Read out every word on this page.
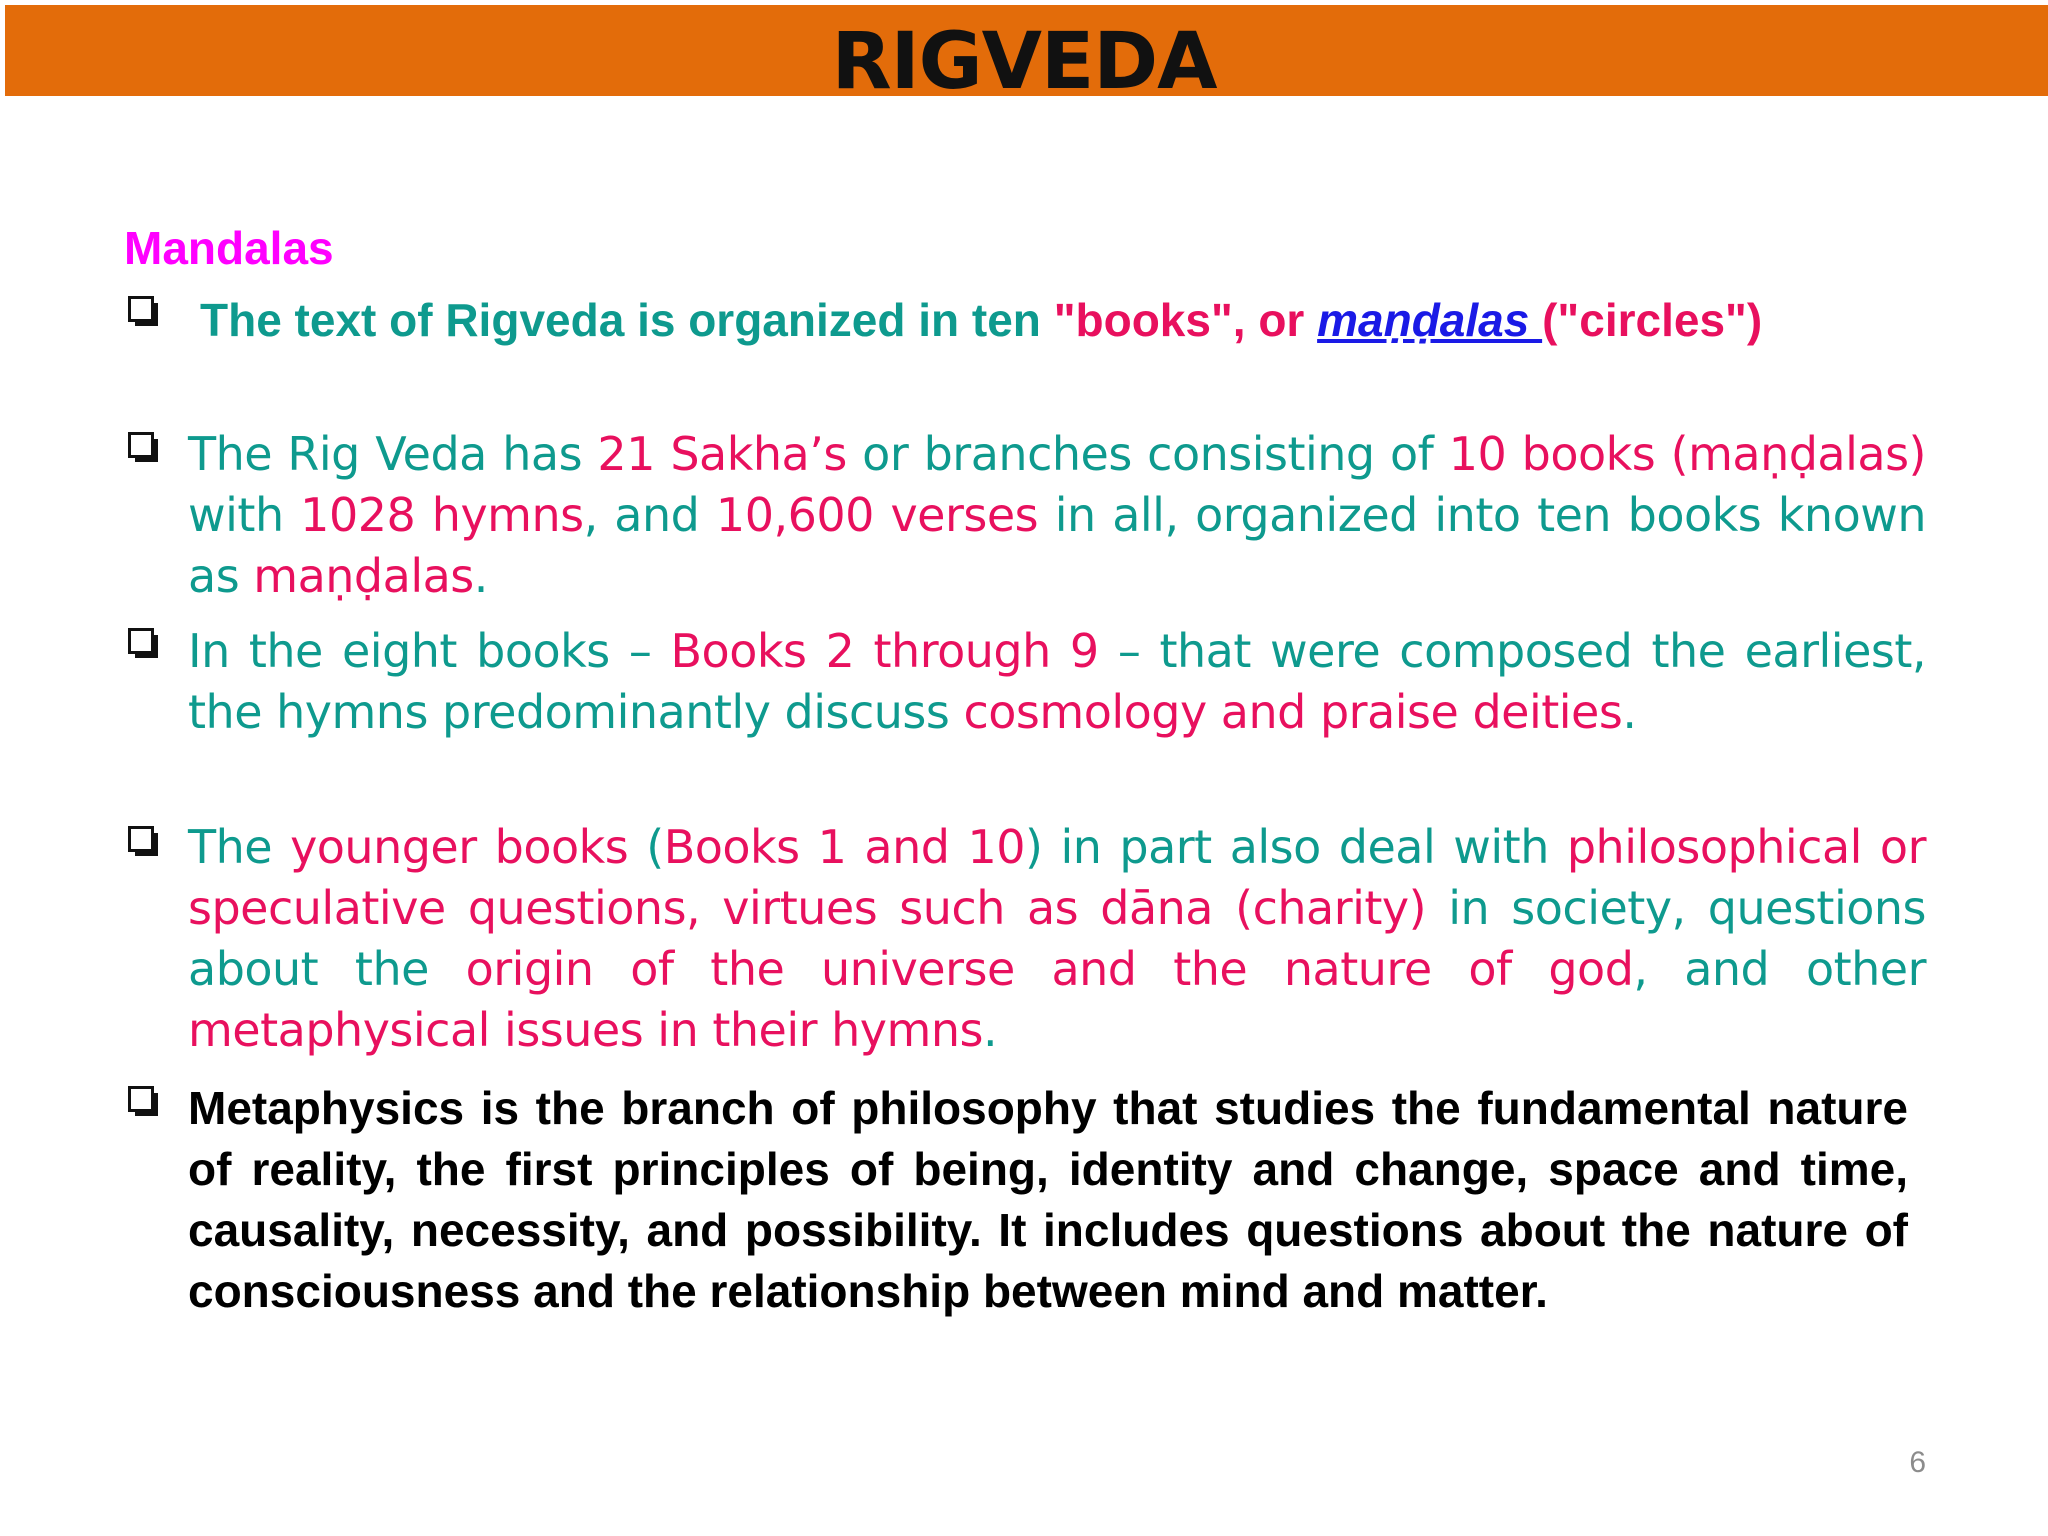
RIGVEDA
Mandalas
The text of Rigveda is organized in ten "books", or maṇḍalas ("circles")
The Rig Veda has 21 Sakha’s or branches consisting of 10 books (maṇḍalas) with 1028 hymns, and 10,600 verses in all, organized into ten books known as maṇḍalas.
In the eight books – Books 2 through 9 – that were composed the earliest, the hymns predominantly discuss cosmology and praise deities.
The younger books (Books 1 and 10) in part also deal with philosophical or speculative questions, virtues such as dāna (charity) in society, questions about the origin of the universe and the nature of god, and other metaphysical issues in their hymns.
Metaphysics is the branch of philosophy that studies the fundamental nature of reality, the first principles of being, identity and change, space and time, causality, necessity, and possibility. It includes questions about the nature of consciousness and the relationship between mind and matter.
6
